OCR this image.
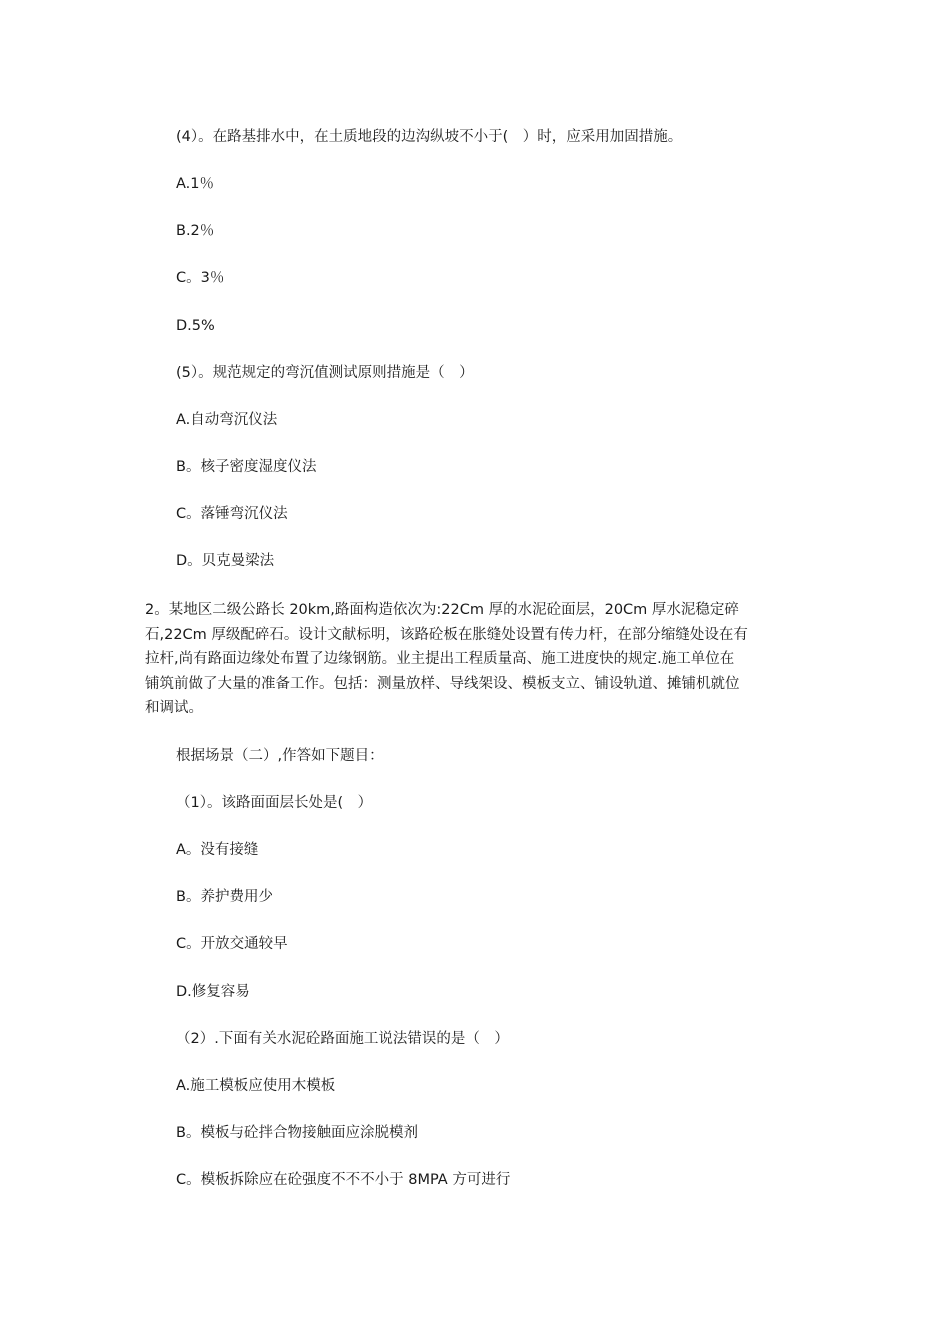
(4）。在路基排水中，在土质地段的边沟纵坡不小于(　）时，应采用加固措施。

A.1％

B.2％

C。3％

D.5%

(5）。规范规定的弯沉值测试原则措施是（　）

A.自动弯沉仪法

B。核子密度湿度仪法

C。落锤弯沉仪法

D。贝克曼梁法

2。某地区二级公路长 20km,路面构造依次为:22Cm 厚的水泥砼面层，20Cm 厚水泥稳定碎
石,22Cm 厚级配碎石。设计文献标明，该路砼板在胀缝处设置有传力杆，在部分缩缝处设在有
拉杆,尚有路面边缘处布置了边缘钢筋。业主提出工程质量高、施工进度快的规定.施工单位在
铺筑前做了大量的准备工作。包括：测量放样、导线架设、模板支立、铺设轨道、摊铺机就位
和调试。

根据场景（二）,作答如下题目：

（1）。该路面面层长处是(　）

A。没有接缝

B。养护费用少

C。开放交通较早

D.修复容易

（2）.下面有关水泥砼路面施工说法错误的是（　）

A.施工模板应使用木模板

B。模板与砼拌合物接触面应涂脱模剂

C。模板拆除应在砼强度不不不小于 8MPA 方可进行
